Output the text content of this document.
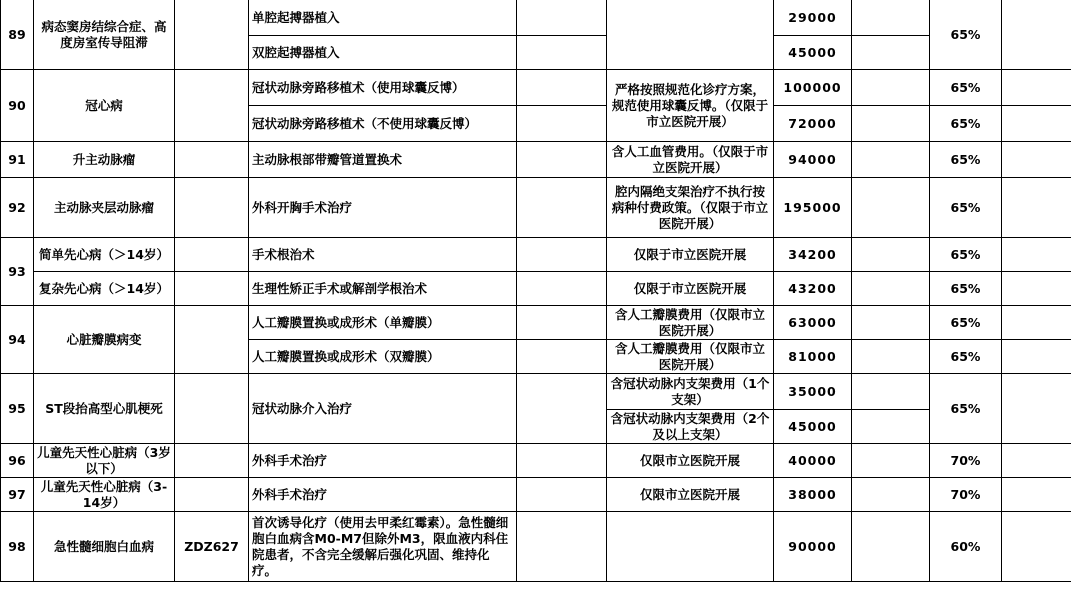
89	病态窦房结综合症、高度房室传导阻滞		单腔起搏器植入			29000		65%	
			双腔起搏器植入			45000			
90	冠心病		冠状动脉旁路移植术（使用球囊反博）		严格按照规范化诊疗方案，规范使用球囊反博。（仅限于市立医院开展）	100000		65%	
			冠状动脉旁路移植术（不使用球囊反博）			72000		65%	
91	升主动脉瘤		主动脉根部带瓣管道置换术		含人工血管费用。（仅限于市立医院开展）	94000		65%	
92	主动脉夹层动脉瘤		外科开胸手术治疗		腔内隔绝支架治疗不执行按病种付费政策。（仅限于市立医院开展）	195000		65%	
93	简单先心病（＞14岁）		手术根治术		仅限于市立医院开展	34200		65%	
	复杂先心病（＞14岁）		生理性矫正手术或解剖学根治术		仅限于市立医院开展	43200		65%	
94	心脏瓣膜病变		人工瓣膜置换或成形术（单瓣膜）		含人工瓣膜费用（仅限市立医院开展）	63000		65%	
			人工瓣膜置换或成形术（双瓣膜）		含人工瓣膜费用（仅限市立医院开展）	81000		65%	
95	ST段抬高型心肌梗死		冠状动脉介入治疗		含冠状动脉内支架费用（1个支架）	35000		65%	
					含冠状动脉内支架费用（2个及以上支架）	45000			
96	儿童先天性心脏病（3岁以下）		外科手术治疗		仅限市立医院开展	40000		70%	
97	儿童先天性心脏病（3-14岁）		外科手术治疗		仅限市立医院开展	38000		70%	
98	急性髓细胞白血病	ZDZ627	首次诱导化疗（使用去甲柔红霉素）。急性髓细胞白血病含M0-M7但除外M3，限血液内科住院患者，不含完全缓解后强化巩固、维持化疗。			90000		60%	
